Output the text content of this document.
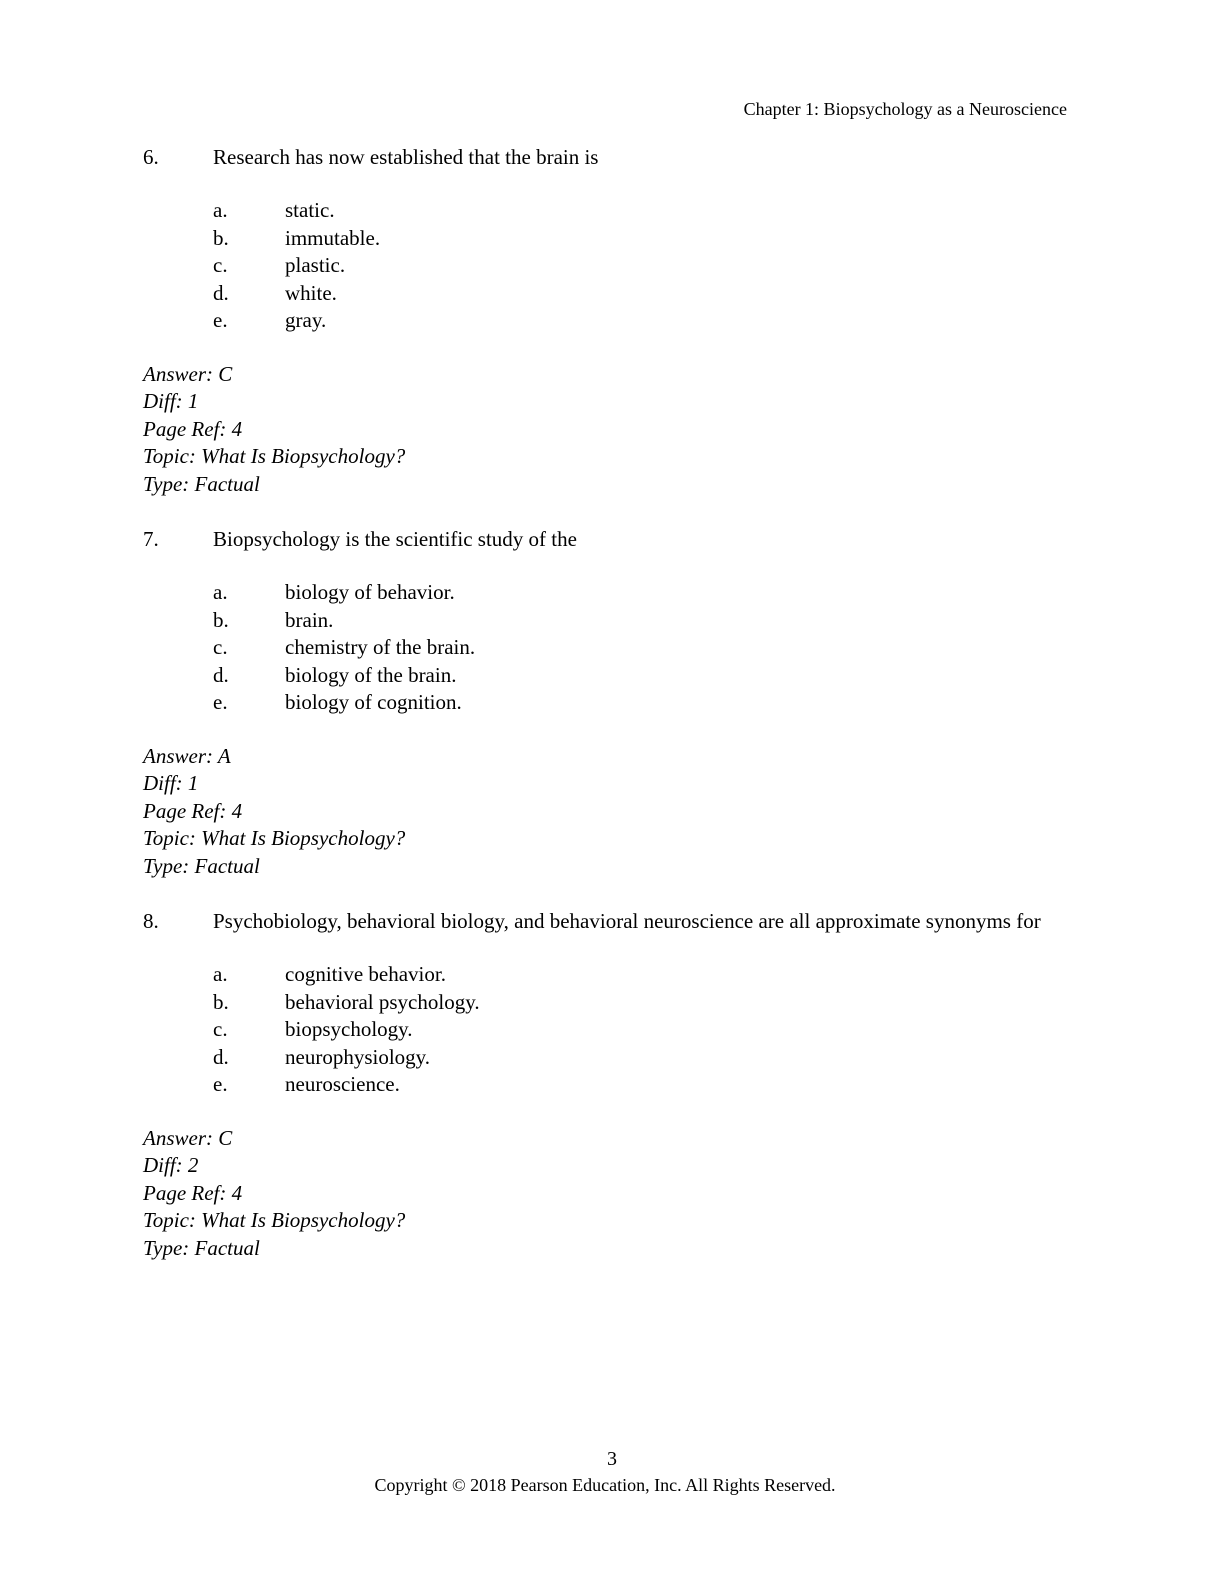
Chapter 1: Biopsychology as a Neuroscience
6.	Research has now established that the brain is
a.	static.
b.	immutable.
c.	plastic.
d.	white.
e.	gray.
Answer: C
Diff: 1
Page Ref: 4
Topic: What Is Biopsychology?
Type: Factual
7.	Biopsychology is the scientific study of the
a.	biology of behavior.
b.	brain.
c.	chemistry of the brain.
d.	biology of the brain.
e.	biology of cognition.
Answer: A
Diff: 1
Page Ref: 4
Topic: What Is Biopsychology?
Type: Factual
8.	Psychobiology, behavioral biology, and behavioral neuroscience are all approximate synonyms for
a.	cognitive behavior.
b.	behavioral psychology.
c.	biopsychology.
d.	neurophysiology.
e.	neuroscience.
Answer: C
Diff: 2
Page Ref: 4
Topic: What Is Biopsychology?
Type: Factual
3
Copyright © 2018 Pearson Education, Inc. All Rights Reserved.
